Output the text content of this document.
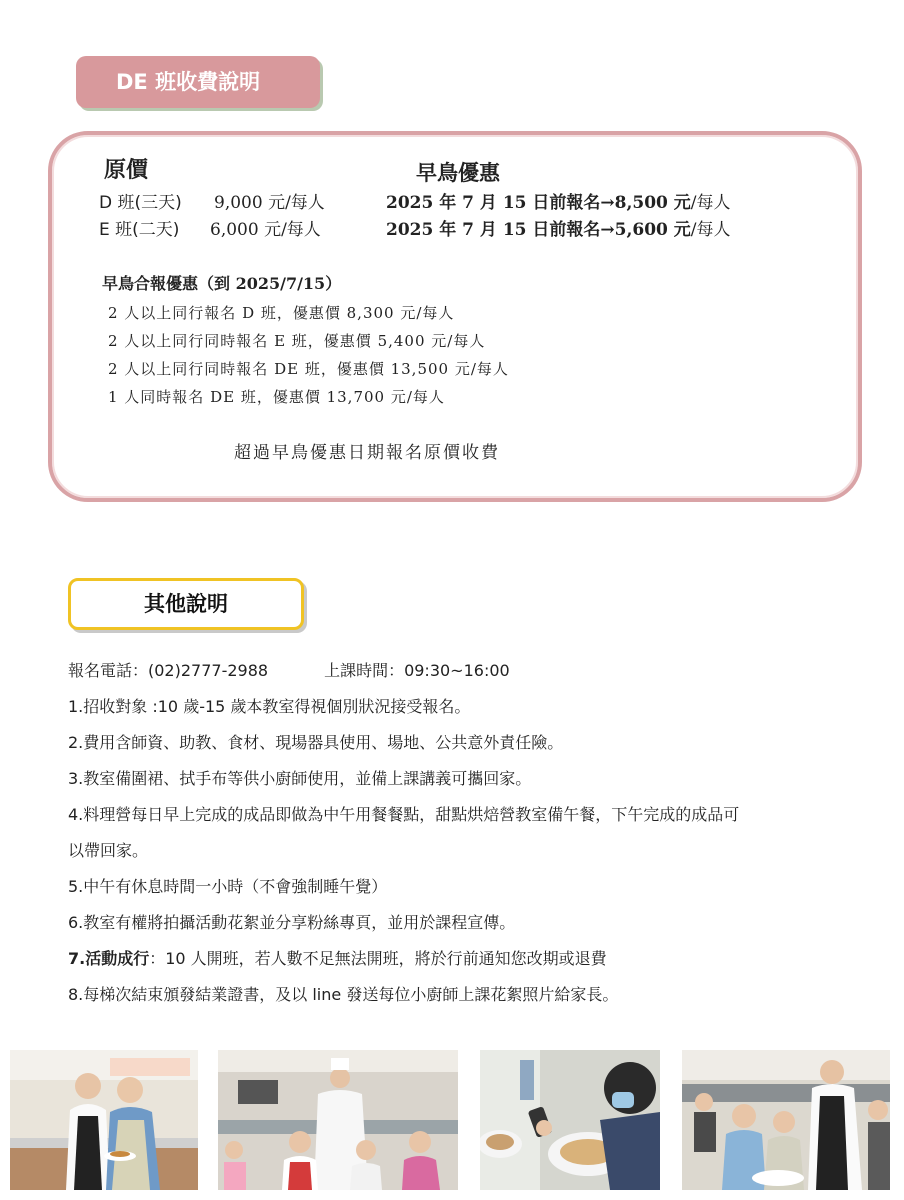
DE 班收費說明
原價	早鳥優惠
D 班(三天) 9,000 元/每人	2025 年 7 月 15 日前報名→8,500 元/每人
E 班(二天) 6,000 元/每人	2025 年 7 月 15 日前報名→5,600 元/每人
早鳥合報優惠（到 2025/7/15）
2 人以上同行報名 D 班，優惠價 8,300 元/每人
2 人以上同行同時報名 E 班，優惠價 5,400 元/每人
2 人以上同行同時報名 DE 班，優惠價 13,500 元/每人
1 人同時報名 DE 班，優惠價 13,700 元/每人
超過早鳥優惠日期報名原價收費
其他說明
報名電話：(02)2777-2988	上課時間：09:30~16:00
1.招收對象 :10 歲-15 歲本教室得視個別狀況接受報名。
2.費用含師資、助教、食材、現場器具使用、場地、公共意外責任險。
3.教室備圍裙、拭手布等供小廚師使用，並備上課講義可攜回家。
4.料理營每日早上完成的成品即做為中午用餐餐點，甜點烘焙營教室備午餐，下午完成的成品可
以帶回家。
5.中午有休息時間一小時（不會強制睡午覺）
6.教室有權將拍攝活動花絮並分享粉絲專頁，並用於課程宣傳。
7.活動成行：10 人開班，若人數不足無法開班，將於行前通知您改期或退費
8.每梯次結束頒發結業證書，及以 line 發送每位小廚師上課花絮照片給家長。
